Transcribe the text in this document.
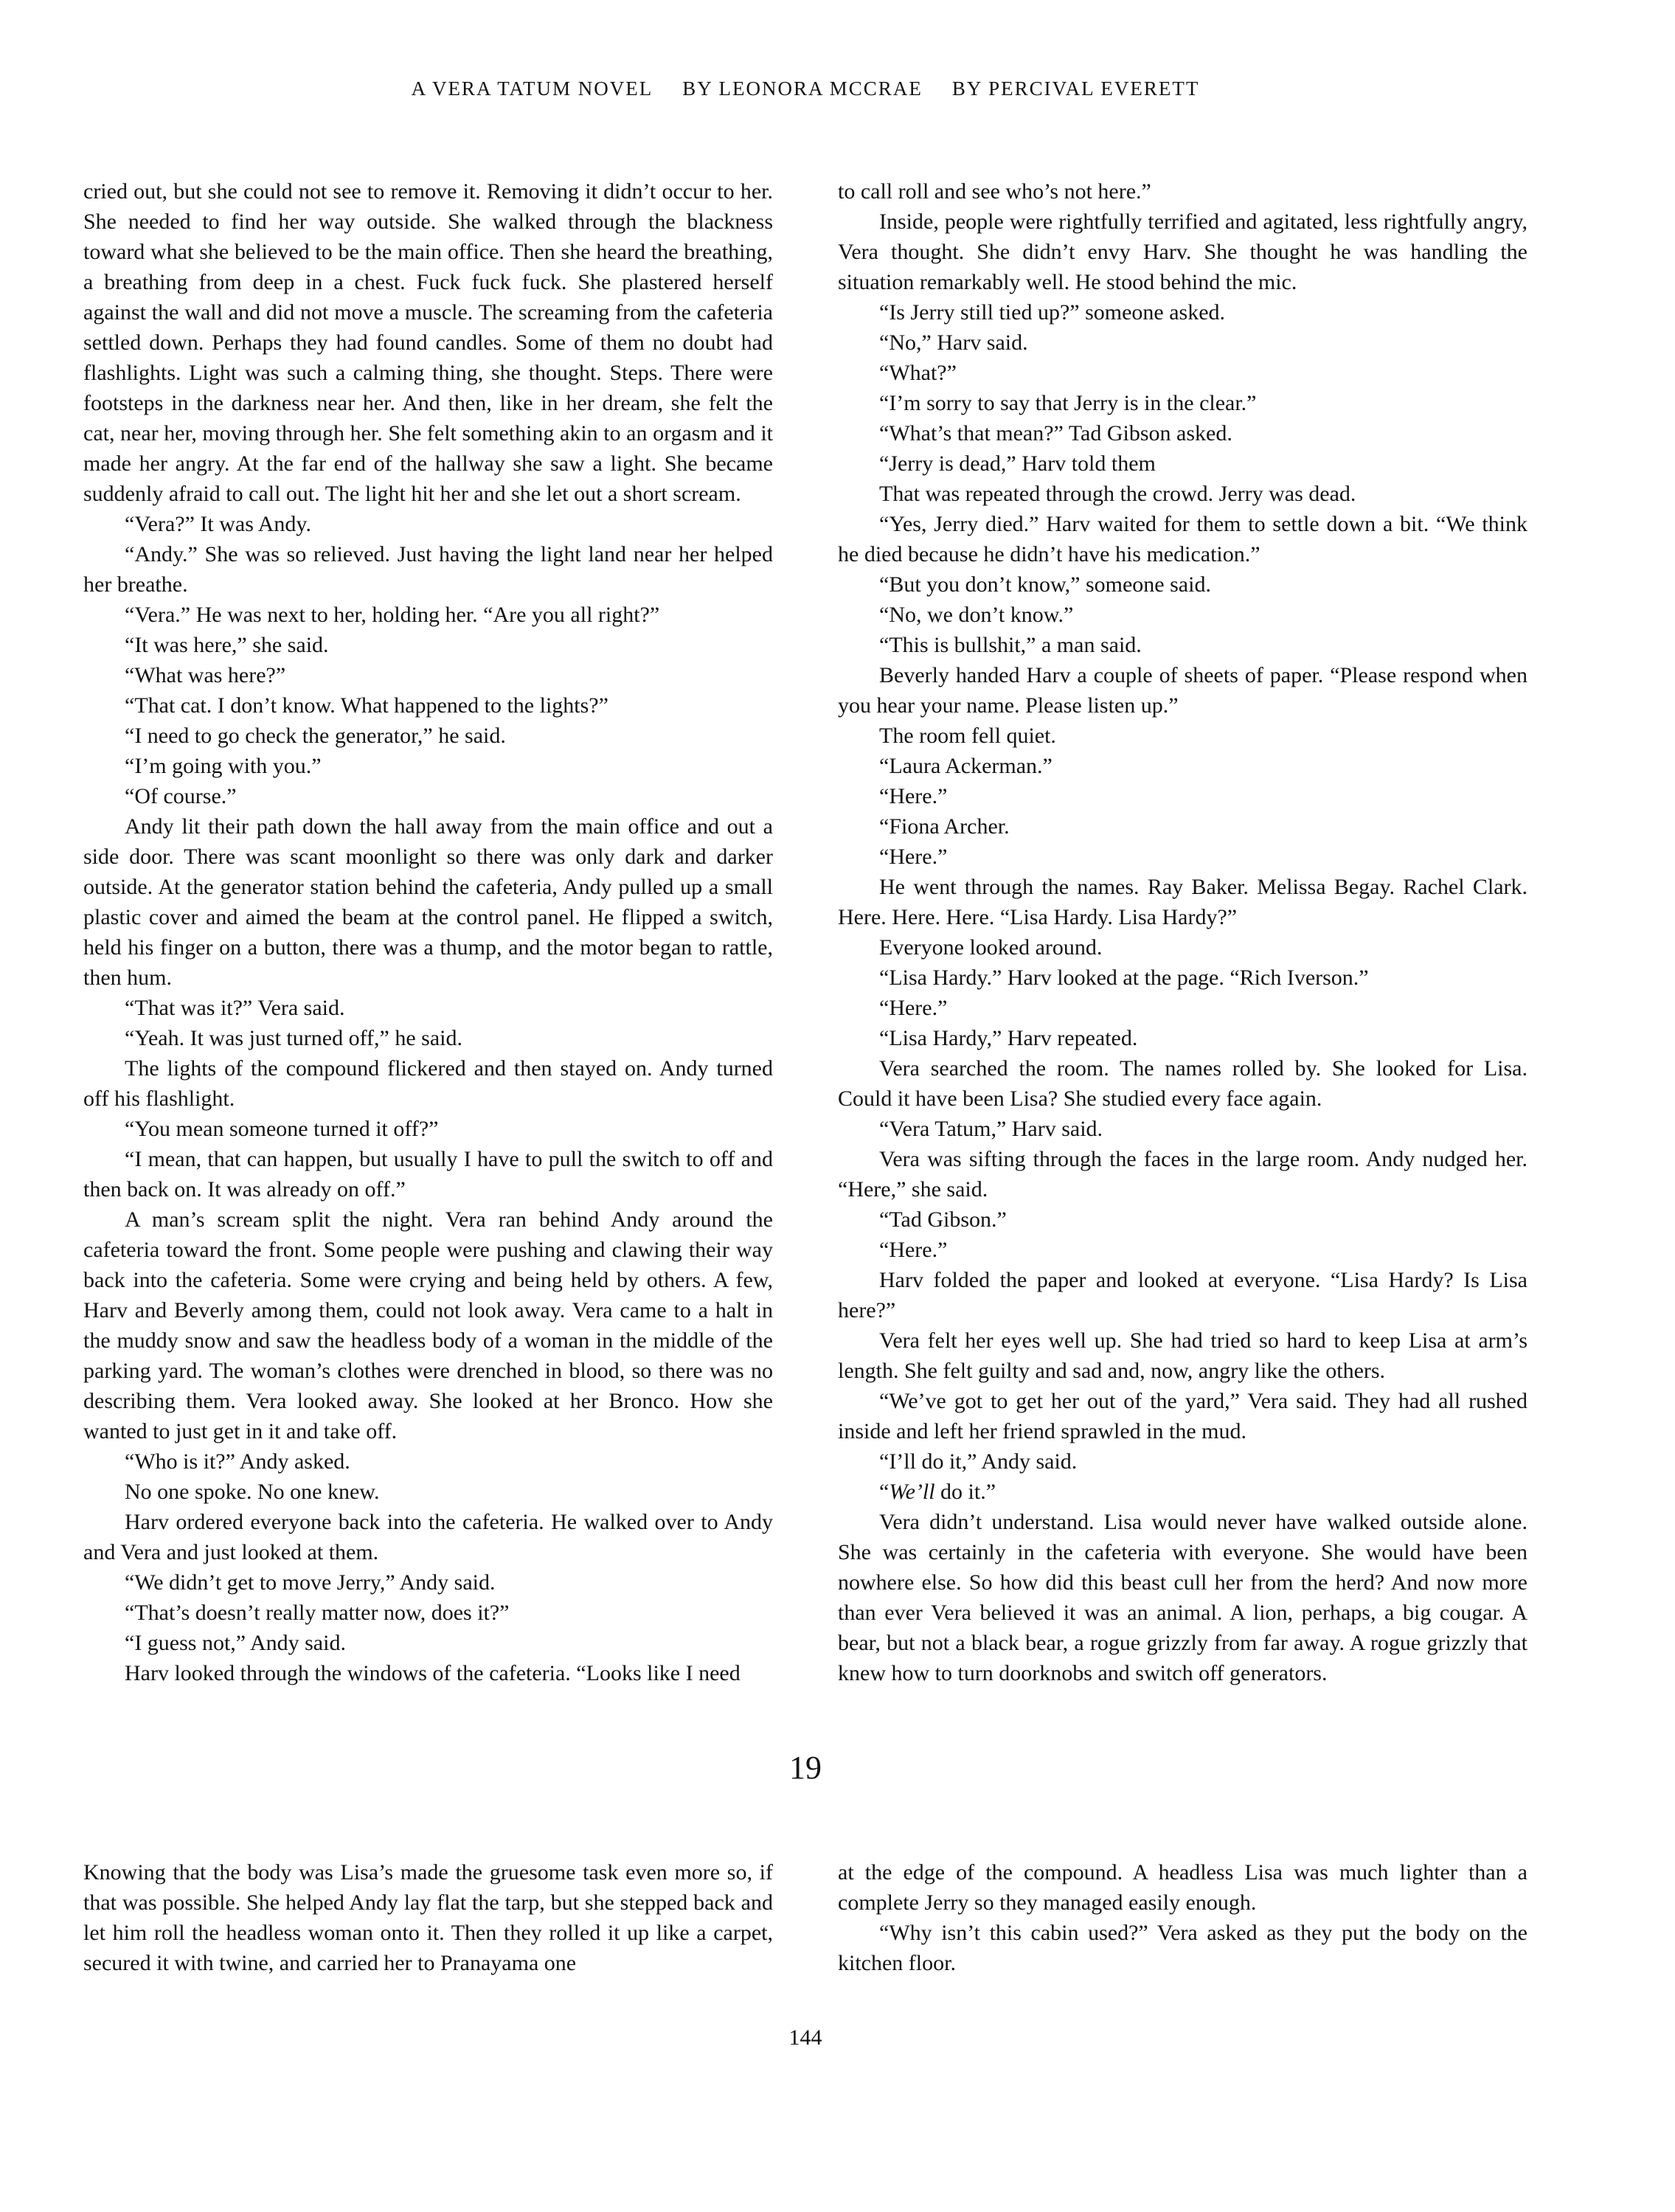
A VERA TATUM NOVEL BY LEONORA MCCRAE BY PERCIVAL EVERETT

cried out, but she could not see to remove it. Removing it didn’t occur to her. She needed to find her way outside. She walked through the blackness toward what she believed to be the main office. Then she heard the breathing, a breathing from deep in a chest. Fuck fuck fuck. She plastered herself against the wall and did not move a muscle. The screaming from the cafeteria settled down. Perhaps they had found candles. Some of them no doubt had flashlights. Light was such a calming thing, she thought. Steps. There were footsteps in the darkness near her. And then, like in her dream, she felt the cat, near her, moving through her. She felt something akin to an orgasm and it made her angry. At the far end of the hallway she saw a light. She became suddenly afraid to call out. The light hit her and she let out a short scream.

“Vera?” It was Andy.

“Andy.” She was so relieved. Just having the light land near her helped her breathe.

“Vera.” He was next to her, holding her. “Are you all right?”

“It was here,” she said.

“What was here?”

“That cat. I don’t know. What happened to the lights?”

“I need to go check the generator,” he said.

“I’m going with you.”

“Of course.”

Andy lit their path down the hall away from the main office and out a side door. There was scant moonlight so there was only dark and darker outside. At the generator station behind the cafeteria, Andy pulled up a small plastic cover and aimed the beam at the control panel. He flipped a switch, held his finger on a button, there was a thump, and the motor began to rattle, then hum.

“That was it?” Vera said.

“Yeah. It was just turned off,” he said.

The lights of the compound flickered and then stayed on. Andy turned off his flashlight.

“You mean someone turned it off?”

“I mean, that can happen, but usually I have to pull the switch to off and then back on. It was already on off.”

A man’s scream split the night. Vera ran behind Andy around the cafeteria toward the front. Some people were pushing and clawing their way back into the cafeteria. Some were crying and being held by others. A few, Harv and Beverly among them, could not look away. Vera came to a halt in the muddy snow and saw the headless body of a woman in the middle of the parking yard. The woman’s clothes were drenched in blood, so there was no describing them. Vera looked away. She looked at her Bronco. How she wanted to just get in it and take off.

“Who is it?” Andy asked.

No one spoke. No one knew.

Harv ordered everyone back into the cafeteria. He walked over to Andy and Vera and just looked at them.

“We didn’t get to move Jerry,” Andy said.

“That’s doesn’t really matter now, does it?”

“I guess not,” Andy said.

Harv looked through the windows of the cafeteria. “Looks like I need

to call roll and see who’s not here.”

Inside, people were rightfully terrified and agitated, less rightfully angry, Vera thought. She didn’t envy Harv. She thought he was handling the situation remarkably well. He stood behind the mic.

“Is Jerry still tied up?” someone asked.

“No,” Harv said.

“What?”

“I’m sorry to say that Jerry is in the clear.”

“What’s that mean?” Tad Gibson asked.

“Jerry is dead,” Harv told them

That was repeated through the crowd. Jerry was dead.

“Yes, Jerry died.” Harv waited for them to settle down a bit. “We think he died because he didn’t have his medication.”

“But you don’t know,” someone said.

“No, we don’t know.”

“This is bullshit,” a man said.

Beverly handed Harv a couple of sheets of paper. “Please respond when you hear your name. Please listen up.”

The room fell quiet.

“Laura Ackerman.”

“Here.”

“Fiona Archer.

“Here.”

He went through the names. Ray Baker. Melissa Begay. Rachel Clark. Here. Here. Here. “Lisa Hardy. Lisa Hardy?”

Everyone looked around.

“Lisa Hardy.” Harv looked at the page. “Rich Iverson.”

“Here.”

“Lisa Hardy,” Harv repeated.

Vera searched the room. The names rolled by. She looked for Lisa. Could it have been Lisa? She studied every face again.

“Vera Tatum,” Harv said.

Vera was sifting through the faces in the large room. Andy nudged her. “Here,” she said.

“Tad Gibson.”

“Here.”

Harv folded the paper and looked at everyone. “Lisa Hardy? Is Lisa here?”

Vera felt her eyes well up. She had tried so hard to keep Lisa at arm’s length. She felt guilty and sad and, now, angry like the others.

“We’ve got to get her out of the yard,” Vera said. They had all rushed inside and left her friend sprawled in the mud.

“I’ll do it,” Andy said.

“We’ll do it.”

Vera didn’t understand. Lisa would never have walked outside alone. She was certainly in the cafeteria with everyone. She would have been nowhere else. So how did this beast cull her from the herd? And now more than ever Vera believed it was an animal. A lion, perhaps, a big cougar. A bear, but not a black bear, a rogue grizzly from far away. A rogue grizzly that knew how to turn doorknobs and switch off generators.

19

Knowing that the body was Lisa’s made the gruesome task even more so, if that was possible. She helped Andy lay flat the tarp, but she stepped back and let him roll the headless woman onto it. Then they rolled it up like a carpet, secured it with twine, and carried her to Pranayama one

at the edge of the compound. A headless Lisa was much lighter than a complete Jerry so they managed easily enough.

“Why isn’t this cabin used?” Vera asked as they put the body on the kitchen floor.

144
